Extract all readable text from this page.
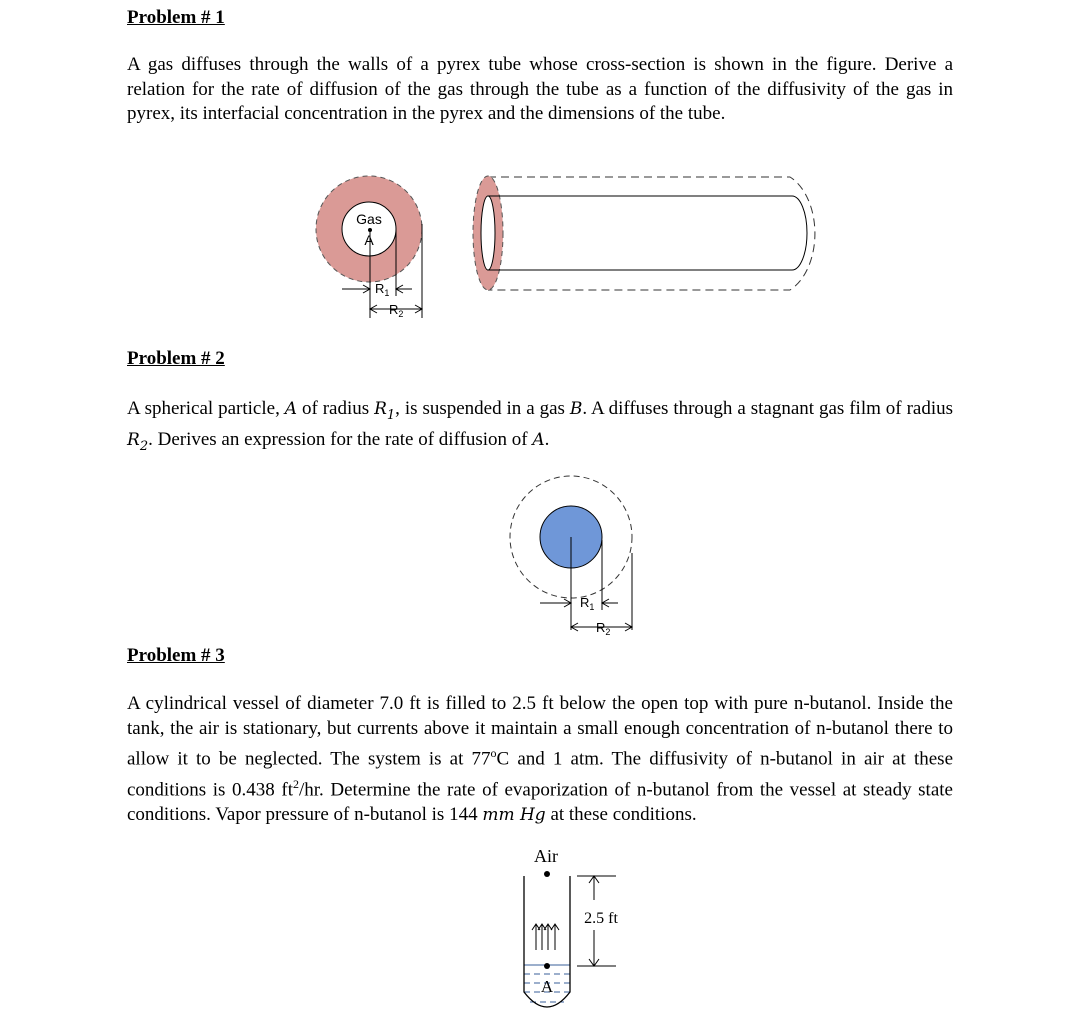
Problem # 1

A gas diffuses through the walls of a pyrex tube whose cross-section is shown in the figure. Derive a relation for the rate of diffusion of the gas through the tube as a function of the diffusivity of the gas in pyrex, its interfacial concentration in the pyrex and the dimensions of the tube.

Gas
A
$R_1$
$R_2$
Problem # 2

A spherical particle, A of radius $R_1$, is suspended in a gas B. A diffuses through a stagnant gas film of radius $R_2$. Derives an expression for the rate of diffusion of A.

$R_1$
$R_2$
Problem # 3

A cylindrical vessel of diameter 7.0 ft is filled to 2.5 ft below the open top with pure n-butanol. Inside the tank, the air is stationary, but currents above it maintain a small enough concentration of n-butanol there to allow it to be neglected. The system is at 77$^o$C and 1 atm. The diffusivity of n-butanol in air at these conditions is 0.438 $ft^2/hr$. Determine the rate of evaporization of n-butanol from the vessel at steady state conditions. Vapor pressure of n-butanol is 144 mm Hg at these conditions.

Air
A
2.5 ft
